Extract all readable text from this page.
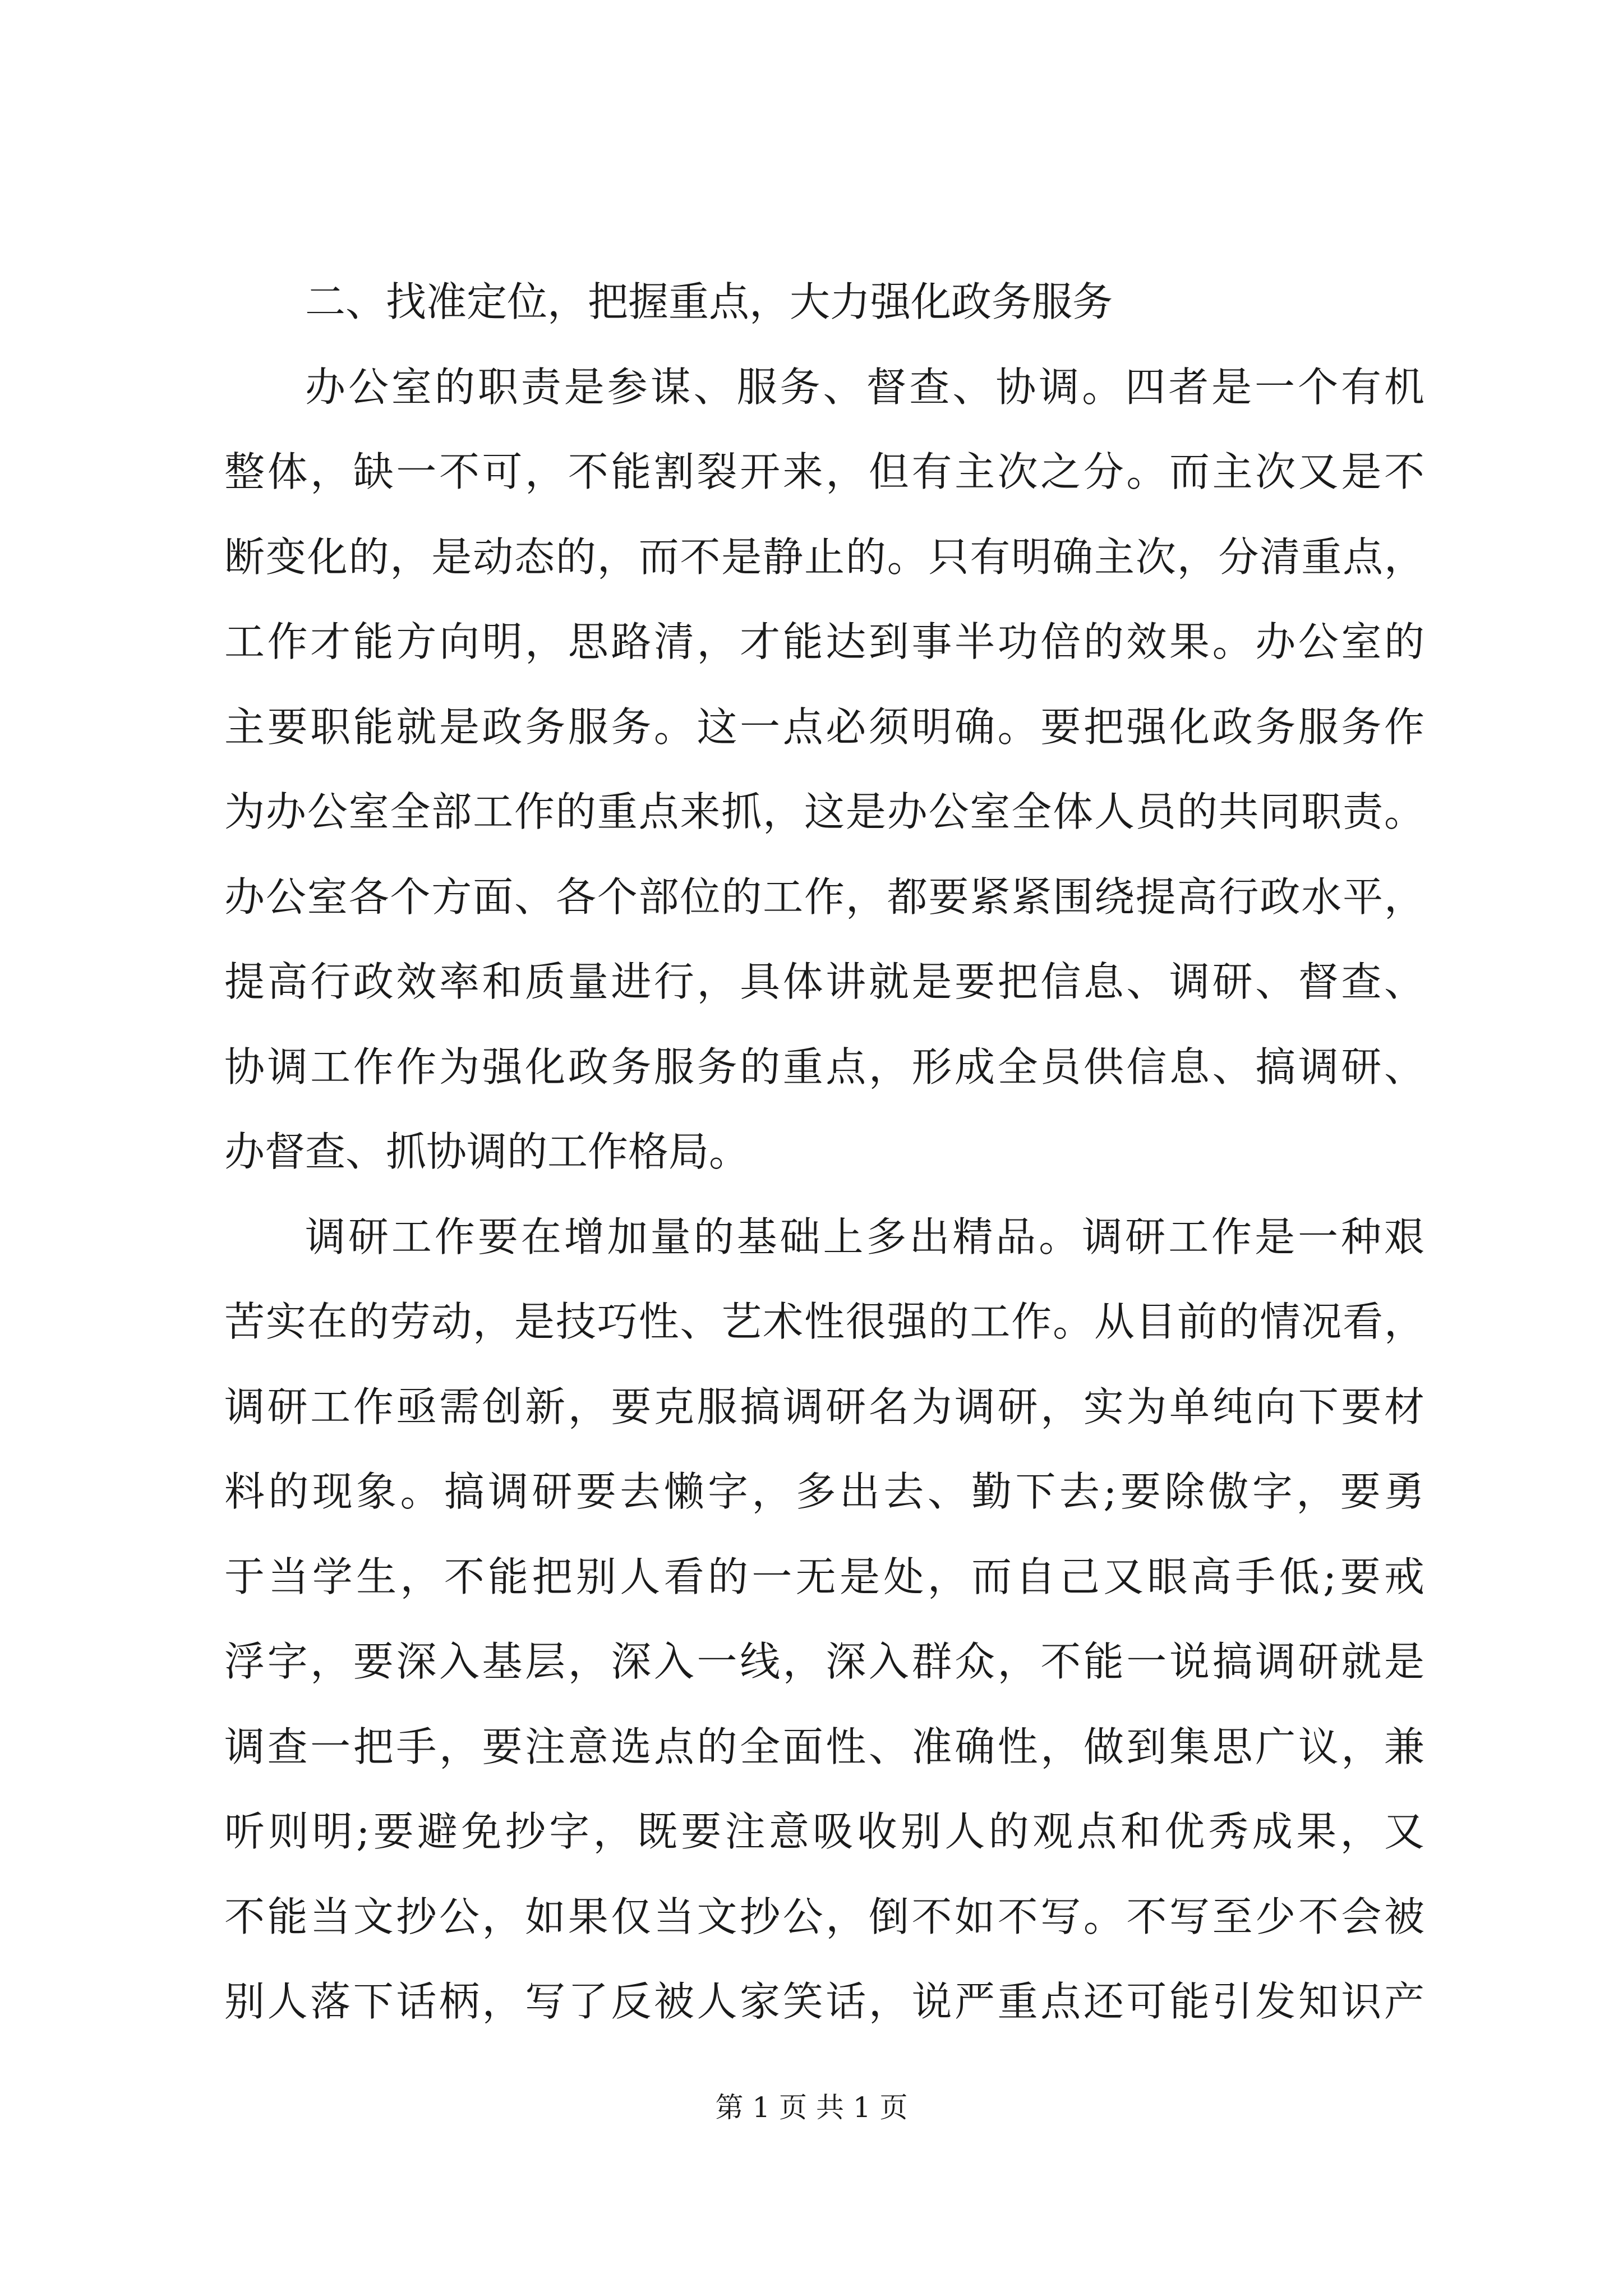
二、找准定位，把握重点，大力强化政务服务
办公室的职责是参谋、服务、督查、协调。四者是一个有机
整体，缺一不可，不能割裂开来，但有主次之分。而主次又是不
断变化的，是动态的，而不是静止的。只有明确主次，分清重点，
工作才能方向明，思路清，才能达到事半功倍的效果。办公室的
主要职能就是政务服务。这一点必须明确。要把强化政务服务作
为办公室全部工作的重点来抓，这是办公室全体人员的共同职责。
办公室各个方面、各个部位的工作，都要紧紧围绕提高行政水平，
提高行政效率和质量进行，具体讲就是要把信息、调研、督查、
协调工作作为强化政务服务的重点，形成全员供信息、搞调研、
办督查、抓协调的工作格局。
调研工作要在增加量的基础上多出精品。调研工作是一种艰
苦实在的劳动，是技巧性、艺术性很强的工作。从目前的情况看，
调研工作亟需创新，要克服搞调研名为调研，实为单纯向下要材
料的现象。搞调研要去懒字，多出去、勤下去;要除傲字，要勇
于当学生，不能把别人看的一无是处，而自己又眼高手低;要戒
浮字，要深入基层，深入一线，深入群众，不能一说搞调研就是
调查一把手，要注意选点的全面性、准确性，做到集思广议，兼
听则明;要避免抄字，既要注意吸收别人的观点和优秀成果，又
不能当文抄公，如果仅当文抄公，倒不如不写。不写至少不会被
别人落下话柄，写了反被人家笑话，说严重点还可能引发知识产
第 1 页 共 1 页
